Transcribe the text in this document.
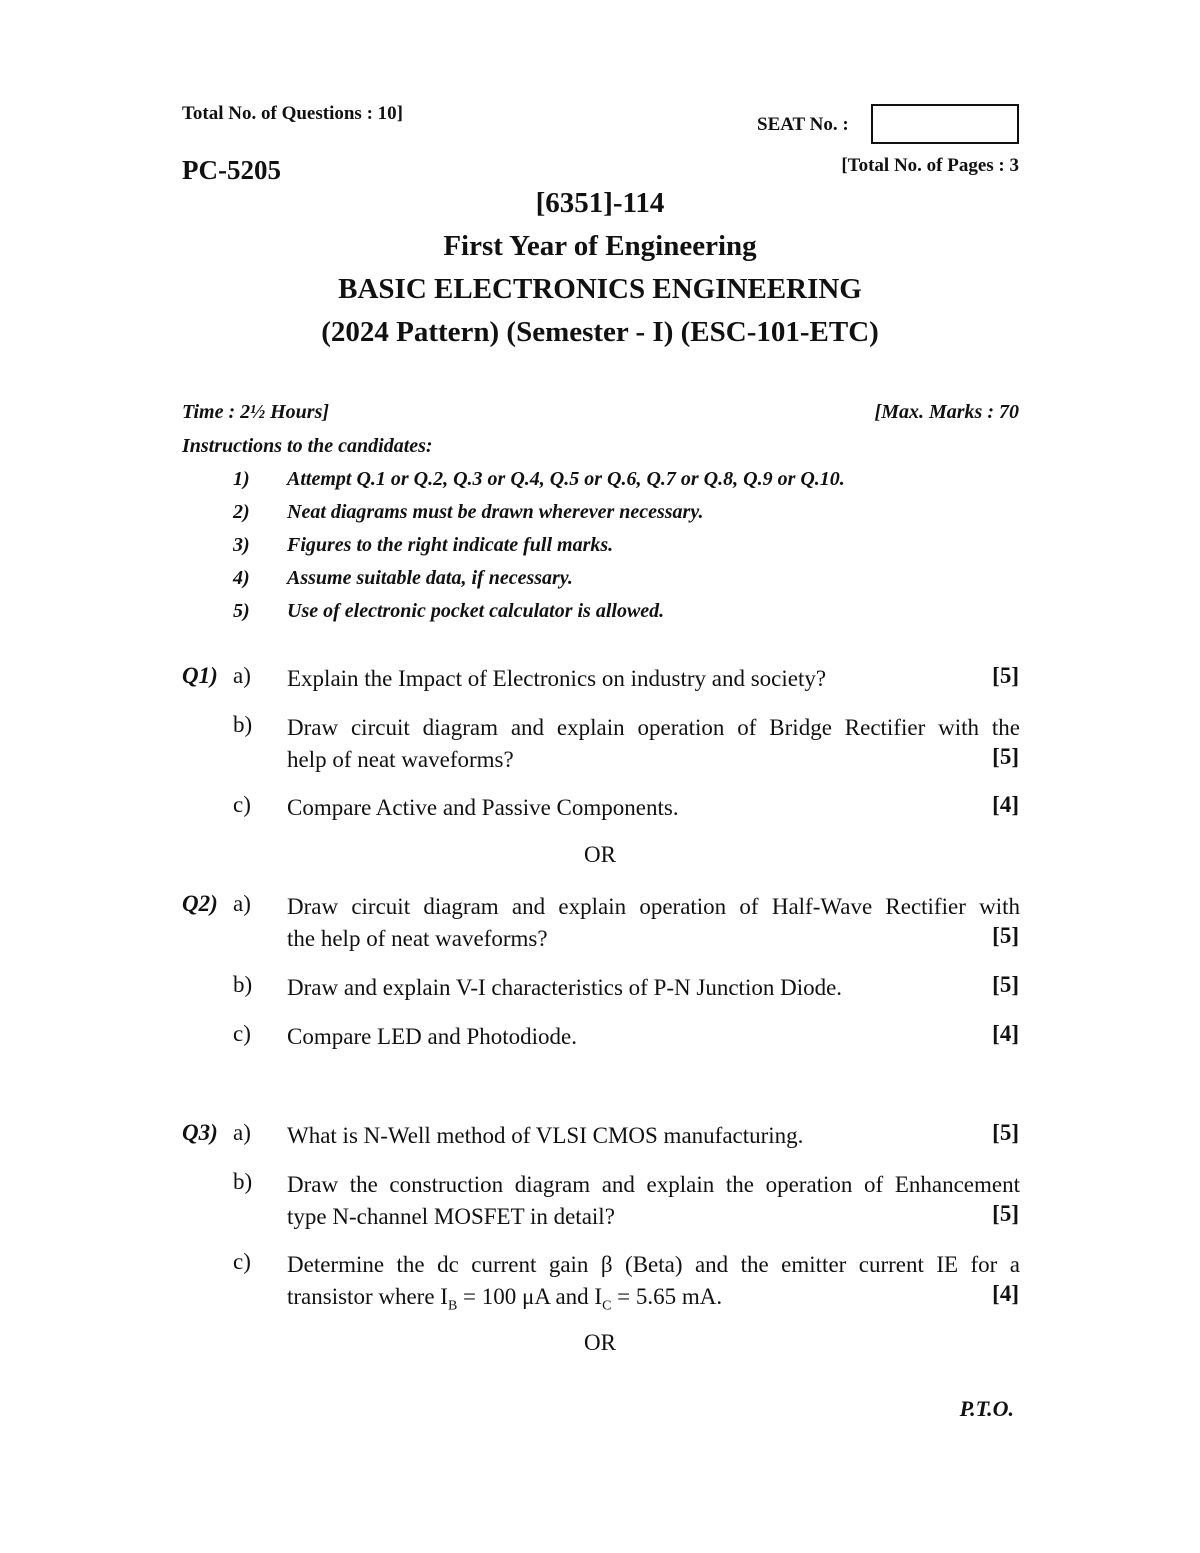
Total No. of Questions : 10]
SEAT No. :
PC-5205	[Total No. of Pages : 3
[6351]-114
First Year of Engineering
BASIC ELECTRONICS ENGINEERING
(2024 Pattern) (Semester - I) (ESC-101-ETC)
Time : 2½ Hours]	[Max. Marks : 70
Instructions to the candidates:
1) Attempt Q.1 or Q.2, Q.3 or Q.4, Q.5 or Q.6, Q.7 or Q.8, Q.9 or Q.10.
2) Neat diagrams must be drawn wherever necessary.
3) Figures to the right indicate full marks.
4) Assume suitable data, if necessary.
5) Use of electronic pocket calculator is allowed.
Q1) a) Explain the Impact of Electronics on industry and society?	[5]
b) Draw circuit diagram and explain operation of Bridge Rectifier with the
help of neat waveforms?	[5]
c) Compare Active and Passive Components.	[4]
OR
Q2) a) Draw circuit diagram and explain operation of Half-Wave Rectifier with
the help of neat waveforms?	[5]
b) Draw and explain V-I characteristics of P-N Junction Diode.	[5]
c) Compare LED and Photodiode.	[4]
Q3) a) What is N-Well method of VLSI CMOS manufacturing.	[5]
b) Draw the construction diagram and explain the operation of Enhancement
type N-channel MOSFET in detail?	[5]
c) Determine the dc current gain β (Beta) and the emitter current IE for a
transistor where $I_B = 100$ μA and $I_C = 5.65$ mA.	[4]
OR
P.T.O.
